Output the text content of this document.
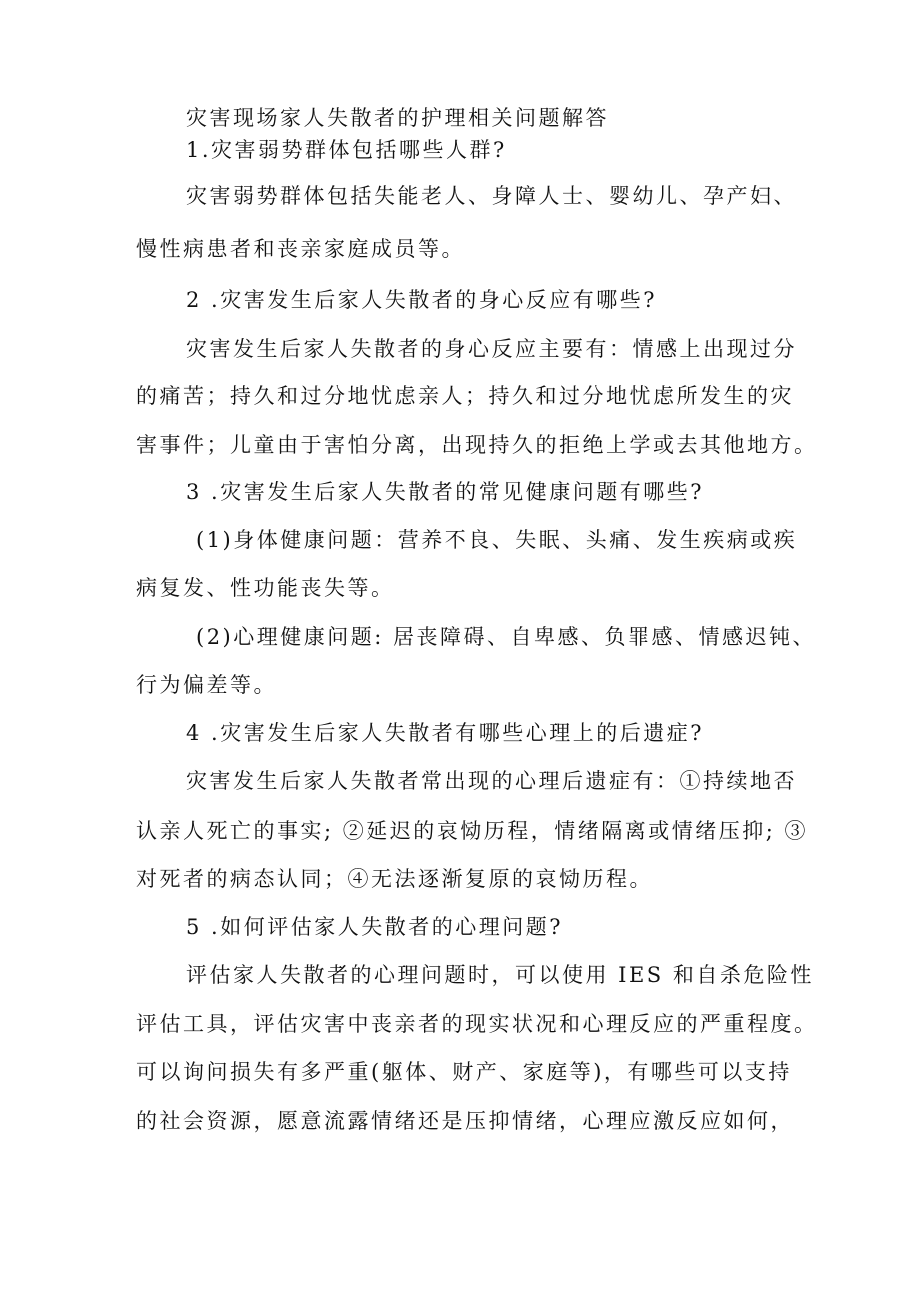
灾害现场家人失散者的护理相关问题解答
1.灾害弱势群体包括哪些人群?
灾害弱势群体包括失能老人、身障人士、婴幼儿、孕产妇、
慢性病患者和丧亲家庭成员等。
2 .灾害发生后家人失散者的身心反应有哪些?
灾害发生后家人失散者的身心反应主要有：情感上出现过分
的痛苦；持久和过分地忧虑亲人；持久和过分地忧虑所发生的灾
害事件；儿童由于害怕分离，出现持久的拒绝上学或去其他地方。
3 .灾害发生后家人失散者的常见健康问题有哪些?
(1)身体健康问题：营养不良、失眠、头痛、发生疾病或疾
病复发、性功能丧失等。
(2)心理健康问题: 居丧障碍、自卑感、负罪感、情感迟钝、
行为偏差等。
4 .灾害发生后家人失散者有哪些心理上的后遗症?
灾害发生后家人失散者常出现的心理后遗症有：①持续地否
认亲人死亡的事实; ②延迟的哀恸历程，情绪隔离或情绪压抑; ③
对死者的病态认同；④无法逐渐复原的哀恸历程。
5 .如何评估家人失散者的心理问题?
评估家人失散者的心理问题时，可以使用 IES 和自杀危险性
评估工具，评估灾害中丧亲者的现实状况和心理反应的严重程度。
可以询问损失有多严重(躯体、财产、家庭等)，有哪些可以支持
的社会资源，愿意流露情绪还是压抑情绪，心理应激反应如何，
